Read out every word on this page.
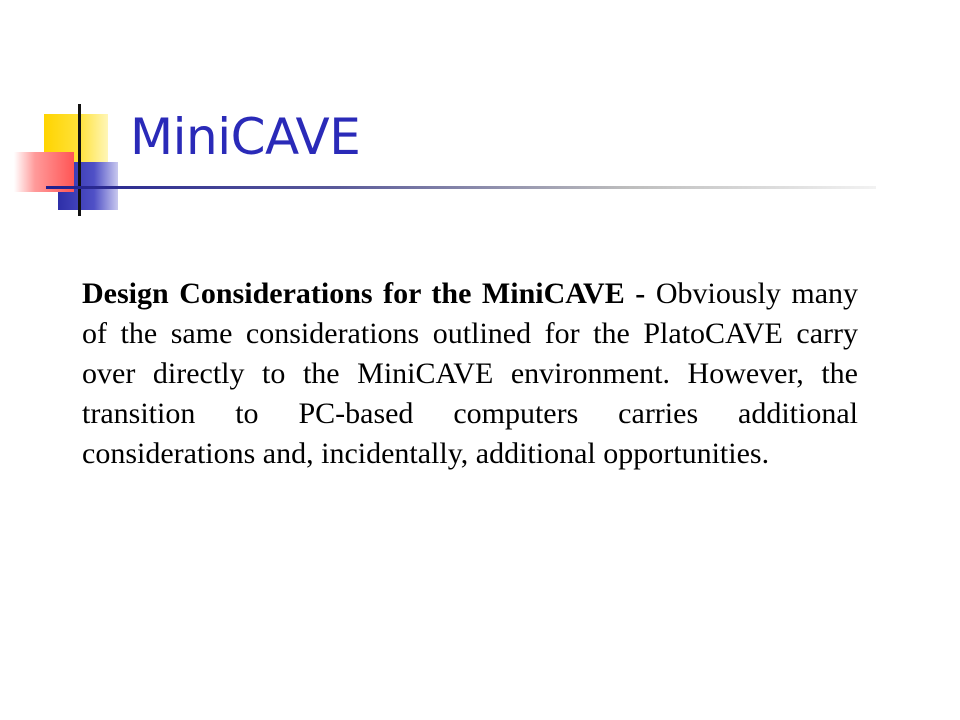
MiniCAVE

Design Considerations for the MiniCAVE - Obviously many of the same considerations outlined for the PlatoCAVE carry over directly to the MiniCAVE environment. However, the transition to PC-based computers carries additional considerations and, incidentally, additional opportunities.
